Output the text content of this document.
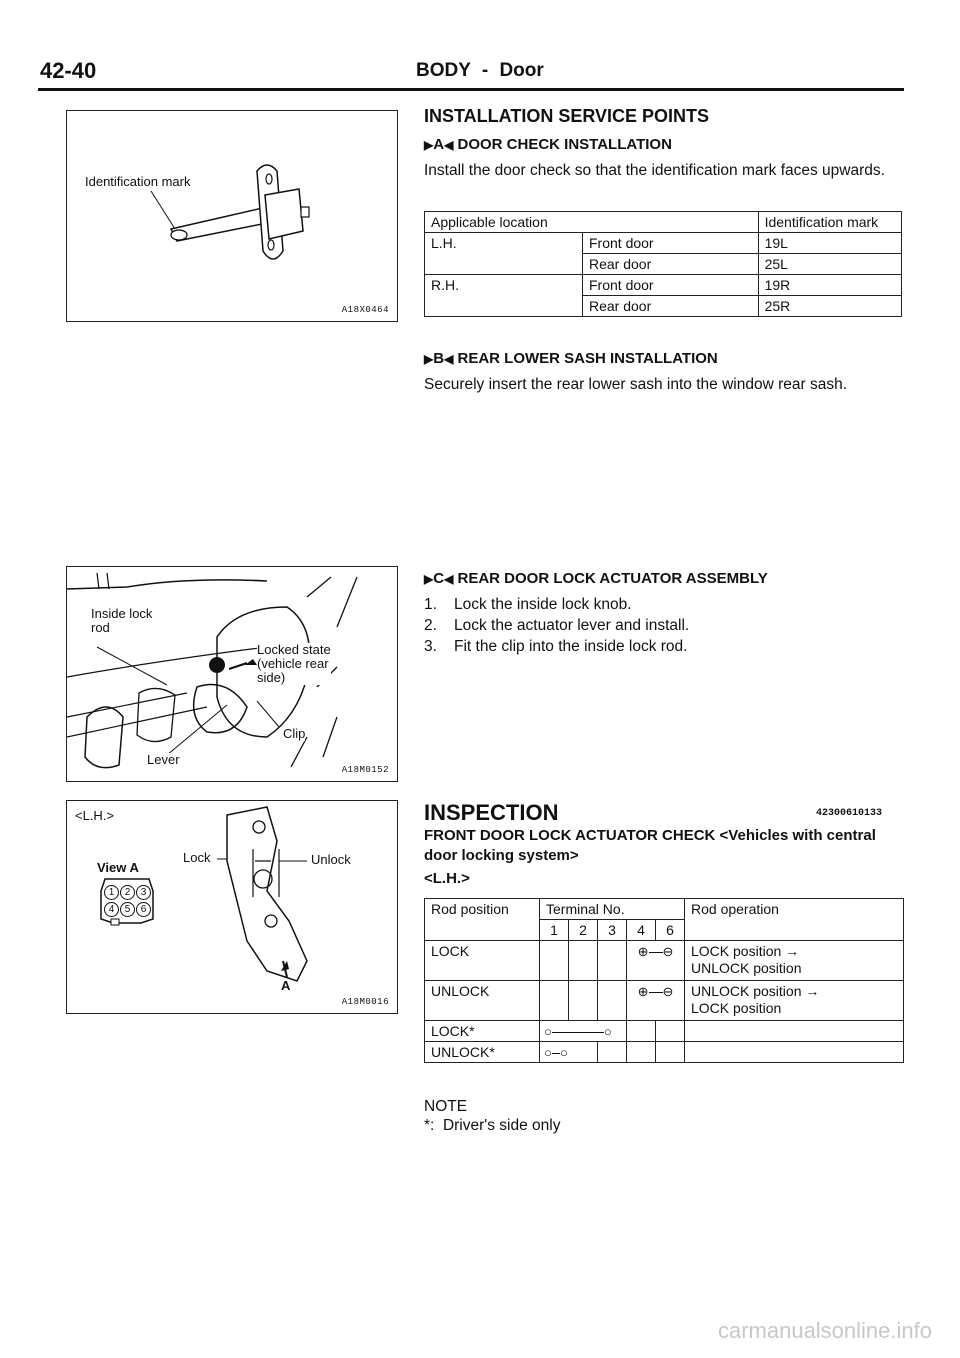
42-40	BODY - Door
Identification mark
A18X0464
INSTALLATION SERVICE POINTS
▶A◀ DOOR CHECK INSTALLATION
Install the door check so that the identification mark faces upwards.
Applicable location		Identification mark
L.H.	Front door	19L
	Rear door	25L
R.H.	Front door	19R
	Rear door	25R
▶B◀ REAR LOWER SASH INSTALLATION
Securely insert the rear lower sash into the window rear sash.
Inside lock
rod
Locked state
(vehicle rear
side)
Clip
Lever
A18M0152
▶C◀ REAR DOOR LOCK ACTUATOR ASSEMBLY
1. Lock the inside lock knob.
2. Lock the actuator lever and install.
3. Fit the clip into the inside lock rod.
<L.H.>
View A
Lock	Unlock
1	2	3
4	5	6
A
A18M0016
INSPECTION	42300610133
FRONT DOOR LOCK ACTUATOR CHECK <Vehicles with central door locking system>
<L.H.>
Rod position	Terminal No.					Rod operation
	1	2	3	4	6	
LOCK				⊕ ⊖		LOCK position →
UNLOCK position
UNLOCK				⊕ ⊖		UNLOCK position →
LOCK position
LOCK*	○ ○					
UNLOCK*	○ ○					
NOTE
*:  Driver's side only
carmanualsonline.info
